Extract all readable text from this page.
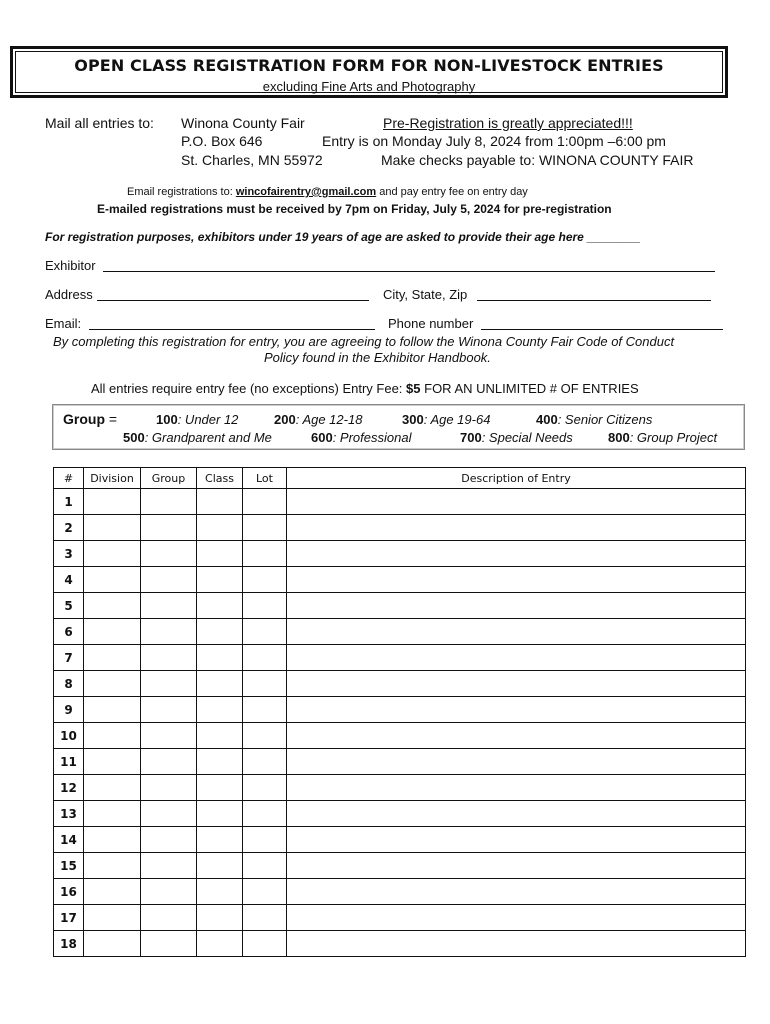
OPEN CLASS REGISTRATION FORM FOR NON-LIVESTOCK ENTRIES
excluding Fine Arts and Photography
Mail all entries to: Winona County Fair
P.O. Box 646
St. Charles, MN 55972
Pre-Registration is greatly appreciated!!!
Entry is on Monday July 8, 2024 from 1:00pm –6:00 pm
Make checks payable to: WINONA COUNTY FAIR
Email registrations to: wincofairentry@gmail.com and pay entry fee on entry day
E-mailed registrations must be received by 7pm on Friday, July 5, 2024 for pre-registration
For registration purposes, exhibitors under 19 years of age are asked to provide their age here ________
Exhibitor
Address	City, State, Zip
Email:	Phone number
By completing this registration for entry, you are agreeing to follow the Winona County Fair Code of Conduct
Policy found in the Exhibitor Handbook.
All entries require entry fee (no exceptions) Entry Fee: $5 FOR AN UNLIMITED # OF ENTRIES
Group =	100: Under 12	200: Age 12-18	300: Age 19-64	400: Senior Citizens
500: Grandparent and Me	600: Professional	700: Special Needs	800: Group Project
#	Division	Group	Class	Lot	Description of Entry
1					
2					
3					
4					
5					
6					
7					
8					
9					
10					
11					
12					
13					
14					
15					
16					
17					
18					
